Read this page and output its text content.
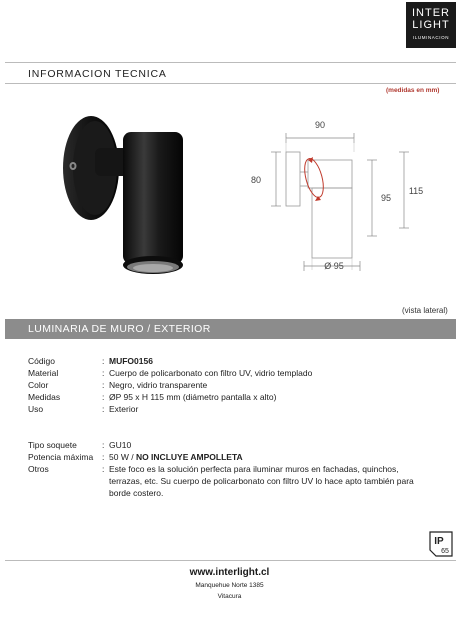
INTER
LIGHT
ILUMINACION
INFORMACION TECNICA
(medidas en mm)
90
80
95
115
Ø 95
(vista lateral)
LUMINARIA DE MURO / EXTERIOR
Código	: MUFO0156
Material	: Cuerpo de policarbonato con filtro UV, vidrio templado
Color	: Negro, vidrio transparente
Medidas	: ØP 95 x H 115 mm (diámetro pantalla x alto)
Uso	: Exterior
Tipo soquete	: GU10
Potencia máxima	: 50 W / NO INCLUYE AMPOLLETA
Otros	: Este foco es la solución perfecta para iluminar muros en fachadas, quinchos,
terrazas, etc. Su cuerpo de policarbonato con filtro UV lo hace apto también para
borde costero.
IP
65
www.interlight.cl
Manquehue Norte 1385
Vitacura
